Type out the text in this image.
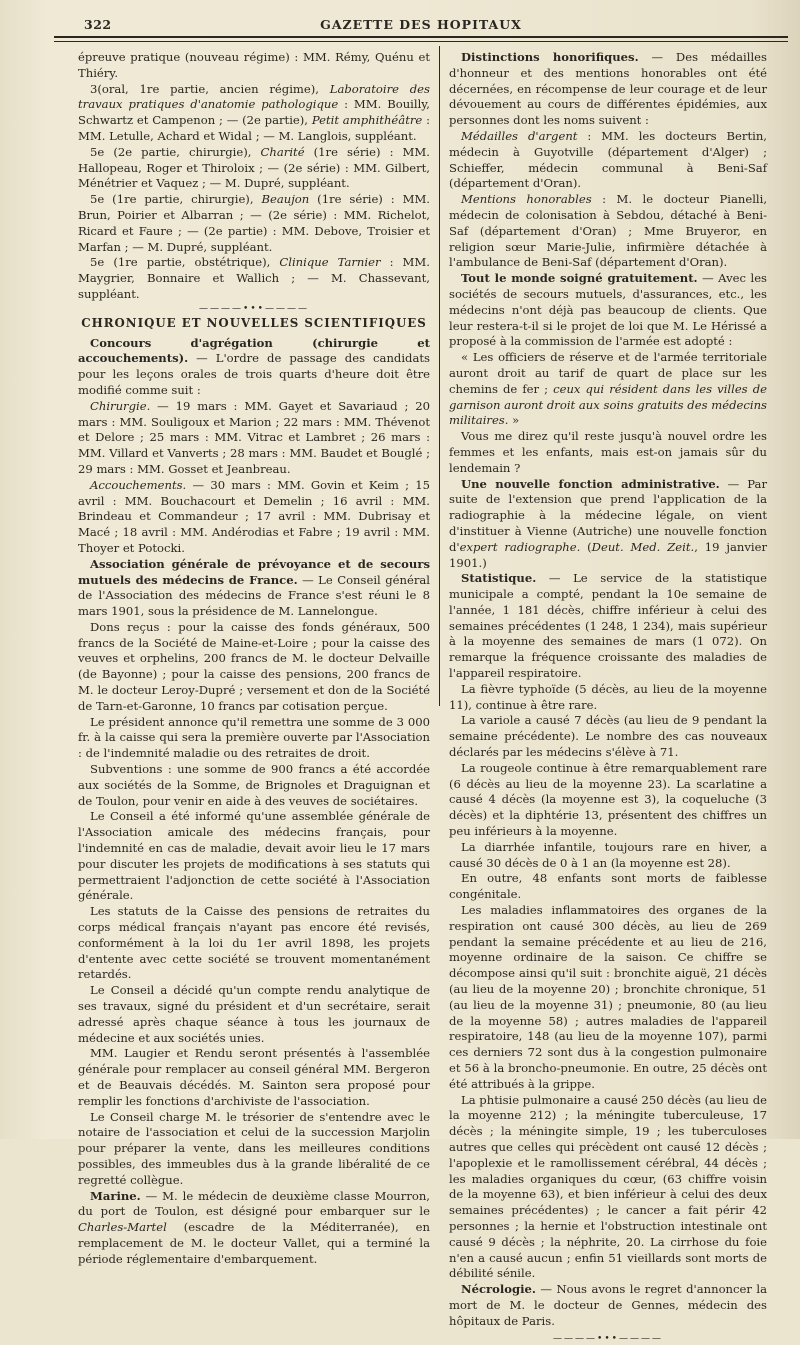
322	GAZETTE DES HOPITAUX

épreuve pratique (nouveau régime) : MM. Rémy, Quénu et Thiéry.

3(oral, 1re partie, ancien régime), Laboratoire des travaux pratiques d'anatomie pathologique : MM. Bouilly, Schwartz et Campenon ; — (2e partie), Petit amphithéâtre : MM. Letulle, Achard et Widal ; — M. Langlois, suppléant.

5e (2e partie, chirurgie), Charité (1re série) : MM. Hallopeau, Roger et Thiroloix ; — (2e série) : MM. Gilbert, Ménétrier et Vaquez ; — M. Dupré, suppléant.

5e (1re partie, chirurgie), Beaujon (1re série) : MM. Brun, Poirier et Albarran ; — (2e série) : MM. Richelot, Ricard et Faure ; — (2e partie) : MM. Debove, Troisier et Marfan ; — M. Dupré, suppléant.

5e (1re partie, obstétrique), Clinique Tarnier : MM. Maygrier, Bonnaire et Wallich ; — M. Chassevant, suppléant.

————•••————
CHRONIQUE ET NOUVELLES SCIENTIFIQUES

Concours d'agrégation (chirurgie et accouchements). — L'ordre de passage des candidats pour les leçons orales de trois quarts d'heure doit être modifié comme suit :

Chirurgie. — 19 mars : MM. Gayet et Savariaud ; 20 mars : MM. Souligoux et Marion ; 22 mars : MM. Thévenot et Delore ; 25 mars : MM. Vitrac et Lambret ; 26 mars : MM. Villard et Vanverts ; 28 mars : MM. Baudet et Bouglé ; 29 mars : MM. Gosset et Jeanbreau.

Accouchements. — 30 mars : MM. Govin et Keim ; 15 avril : MM. Bouchacourt et Demelin ; 16 avril : MM. Brindeau et Commandeur ; 17 avril : MM. Dubrisay et Macé ; 18 avril : MM. Andérodias et Fabre ; 19 avril : MM. Thoyer et Potocki.

Association générale de prévoyance et de secours mutuels des médecins de France. — Le Conseil général de l'Association des médecins de France s'est réuni le 8 mars 1901, sous la présidence de M. Lannelongue.

Dons reçus : pour la caisse des fonds généraux, 500 francs de la Société de Maine-et-Loire ; pour la caisse des veuves et orphelins, 200 francs de M. le docteur Delvaille (de Bayonne) ; pour la caisse des pensions, 200 francs de M. le docteur Leroy-Dupré ; versement et don de la Société de Tarn-et-Garonne, 10 francs par cotisation perçue.

Le président annonce qu'il remettra une somme de 3 000 fr. à la caisse qui sera la première ouverte par l'Association : de l'indemnité maladie ou des retraites de droit.

Subventions : une somme de 900 francs a été accordée aux sociétés de la Somme, de Brignoles et Draguignan et de Toulon, pour venir en aide à des veuves de sociétaires.

Le Conseil a été informé qu'une assemblée générale de l'Association amicale des médecins français, pour l'indemnité en cas de maladie, devait avoir lieu le 17 mars pour discuter les projets de modifications à ses statuts qui permettraient l'adjonction de cette société à l'Association générale.

Les statuts de la Caisse des pensions de retraites du corps médical français n'ayant pas encore été revisés, conformément à la loi du 1er avril 1898, les projets d'entente avec cette société se trouvent momentanément retardés.

Le Conseil a décidé qu'un compte rendu analytique de ses travaux, signé du président et d'un secrétaire, serait adressé après chaque séance à tous les journaux de médecine et aux sociétés unies.

MM. Laugier et Rendu seront présentés à l'assemblée générale pour remplacer au conseil général MM. Bergeron et de Beauvais décédés. M. Sainton sera proposé pour remplir les fonctions d'archiviste de l'association.

Le Conseil charge M. le trésorier de s'entendre avec le notaire de l'association et celui de la succession Marjolin pour préparer la vente, dans les meilleures conditions possibles, des immeubles dus à la grande libéralité de ce regretté collègue.

Marine. — M. le médecin de deuxième classe Mourron, du port de Toulon, est désigné pour embarquer sur le Charles-Martel (escadre de la Méditerranée), en remplacement de M. le docteur Vallet, qui a terminé la période réglementaire d'embarquement.

Distinctions honorifiques. — Des médailles d'honneur et des mentions honorables ont été décernées, en récompense de leur courage et de leur dévouement au cours de différentes épidémies, aux personnes dont les noms suivent :

Médailles d'argent : MM. les docteurs Bertin, médecin à Guyotville (département d'Alger) ; Schieffer, médecin communal à Beni-Saf (département d'Oran).

Mentions honorables : M. le docteur Pianelli, médecin de colonisation à Sebdou, détaché à Beni-Saf (département d'Oran) ; Mme Bruyeror, en religion sœur Marie-Julie, infirmière détachée à l'ambulance de Beni-Saf (département d'Oran).

Tout le monde soigné gratuitement. — Avec les sociétés de secours mutuels, d'assurances, etc., les médecins n'ont déjà pas beaucoup de clients. Que leur restera-t-il si le projet de loi que M. Le Hérissé a proposé à la commission de l'armée est adopté :

« Les officiers de réserve et de l'armée territoriale auront droit au tarif de quart de place sur les chemins de fer ; ceux qui résident dans les villes de garnison auront droit aux soins gratuits des médecins militaires. »

Vous me direz qu'il reste jusqu'à nouvel ordre les femmes et les enfants, mais est-on jamais sûr du lendemain ?

Une nouvelle fonction administrative. — Par suite de l'extension que prend l'application de la radiographie à la médecine légale, on vient d'instituer à Vienne (Autriche) une nouvelle fonction d'expert radiographe. (Deut. Med. Zeit., 19 janvier 1901.)

Statistique. — Le service de la statistique municipale a compté, pendant la 10e semaine de l'année, 1 181 décès, chiffre inférieur à celui des semaines précédentes (1 248, 1 234), mais supérieur à la moyenne des semaines de mars (1 072). On remarque la fréquence croissante des maladies de l'appareil respiratoire.

La fièvre typhoïde (5 décès, au lieu de la moyenne 11), continue à être rare.

La variole a causé 7 décès (au lieu de 9 pendant la semaine précédente). Le nombre des cas nouveaux déclarés par les médecins s'élève à 71.

La rougeole continue à être remarquablement rare (6 décès au lieu de la moyenne 23). La scarlatine a causé 4 décès (la moyenne est 3), la coqueluche (3 décès) et la diphtérie 13, présentent des chiffres un peu inférieurs à la moyenne.

La diarrhée infantile, toujours rare en hiver, a causé 30 décès de 0 à 1 an (la moyenne est 28).

En outre, 48 enfants sont morts de faiblesse congénitale.

Les maladies inflammatoires des organes de la respiration ont causé 300 décès, au lieu de 269 pendant la semaine précédente et au lieu de 216, moyenne ordinaire de la saison. Ce chiffre se décompose ainsi qu'il suit : bronchite aiguë, 21 décès (au lieu de la moyenne 20) ; bronchite chronique, 51 (au lieu de la moyenne 31) ; pneumonie, 80 (au lieu de la moyenne 58) ; autres maladies de l'appareil respiratoire, 148 (au lieu de la moyenne 107), parmi ces derniers 72 sont dus à la congestion pulmonaire et 56 à la broncho-pneumonie. En outre, 25 décès ont été attribués à la grippe.

La phtisie pulmonaire a causé 250 décès (au lieu de la moyenne 212) ; la méningite tuberculeuse, 17 décès ; la méningite simple, 19 ; les tuberculoses autres que celles qui précèdent ont causé 12 décès ; l'apoplexie et le ramollissement cérébral, 44 décès ; les maladies organiques du cœur, (63 chiffre voisin de la moyenne 63), et bien inférieur à celui des deux semaines précédentes) ; le cancer a fait périr 42 personnes ; la hernie et l'obstruction intestinale ont causé 9 décès ; la néphrite, 20. La cirrhose du foie n'en a causé aucun ; enfin 51 vieillards sont morts de débilité sénile.

Nécrologie. — Nous avons le regret d'annoncer la mort de M. le docteur de Gennes, médecin des hôpitaux de Paris.

————•••————
